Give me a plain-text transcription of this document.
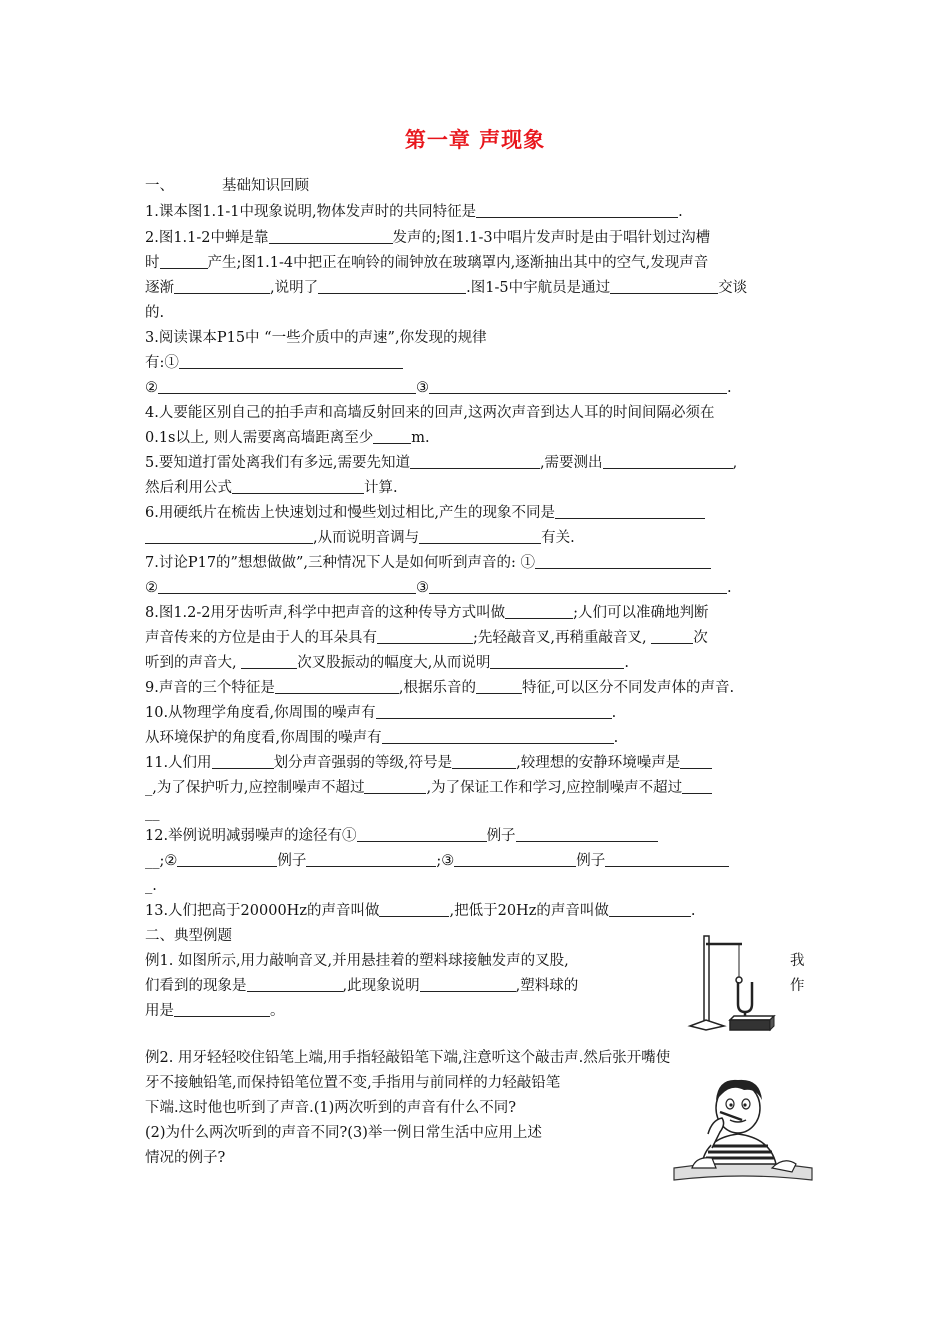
第一章 声现象
一、	基础知识回顾
1.课本图1.1-1中现象说明,物体发声时的共同特征是	.
2.图1.1-2中蝉是靠	发声的;图1.1-3中唱片发声时是由于唱针划过沟槽
时	产生;图1.1-4中把正在响铃的闹钟放在玻璃罩内,逐渐抽出其中的空气,发现声音
逐渐	,说明了	.图1-5中宇航员是通过	交谈
的.
3.阅读课本P15中 “一些介质中的声速”,你发现的规律
有:①
②	③	.
4.人要能区别自己的拍手声和高墙反射回来的回声,这两次声音到达人耳的时间间隔必须在
0.1s以上, 则人需要离高墙距离至少	m.
5.要知道打雷处离我们有多远,需要先知道	,需要测出	,
然后利用公式	计算.
6.用硬纸片在梳齿上快速划过和慢些划过相比,产生的现象不同是
,从而说明音调与	有关.
7.讨论P17的”想想做做”,三种情况下人是如何听到声音的: ①
②	③	.
8.图1.2-2用牙齿听声,科学中把声音的这种传导方式叫做	;人们可以准确地判断
声音传来的方位是由于人的耳朵具有	;先轻敲音叉,再稍重敲音叉,	次
听到的声音大,	次叉股振动的幅度大,从而说明	.
9.声音的三个特征是	,根据乐音的	特征,可以区分不同发声体的声音.
10.从物理学角度看,你周围的噪声有	.
从环境保护的角度看,你周围的噪声有	.
11.人们用	划分声音强弱的等级,符号是	,较理想的安静环境噪声是
_,为了保护听力,应控制噪声不超过	,为了保证工作和学习,应控制噪声不超过
__
12.举例说明减弱噪声的途径有①	例子
__;②	例子	;③	例子
_.
13.人们把高于20000Hz的声音叫做	,把低于20Hz的声音叫做	.
二、典型例题
例1. 如图所示,用力敲响音叉,并用悬挂着的塑料球接触发声的叉股,	我
们看到的现象是	,此现象说明	,塑料球的	作
用是	。
例2. 用牙轻轻咬住铅笔上端,用手指轻敲铅笔下端,注意听这个敲击声.然后张开嘴使
牙不接触铅笔,而保持铅笔位置不变,手指用与前同样的力轻敲铅笔
下端.这时他也听到了声音.(1)两次听到的声音有什么不同?
(2)为什么两次听到的声音不同?(3)举一例日常生活中应用上述
情况的例子?
